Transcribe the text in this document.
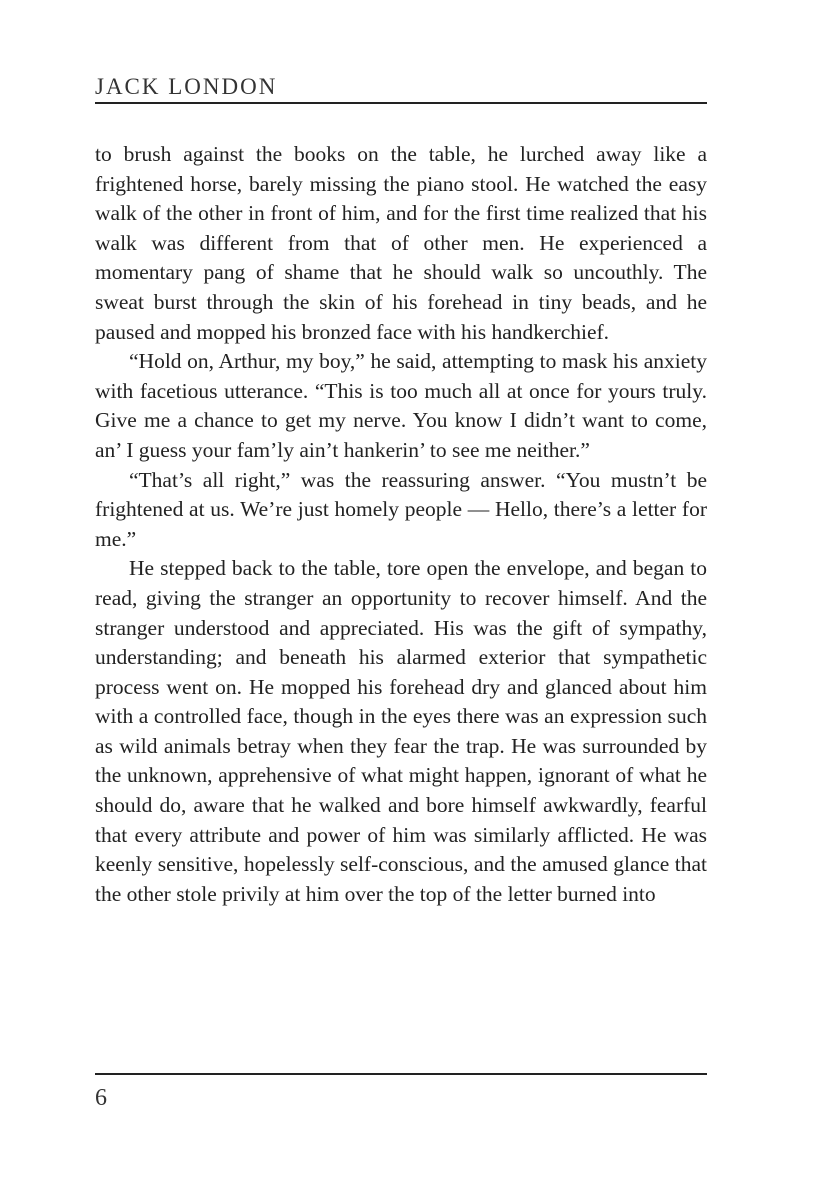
JACK LONDON

to brush against the books on the table, he lurched away like a frightened horse, barely missing the piano stool. He watched the easy walk of the other in front of him, and for the first time realized that his walk was different from that of other men. He experienced a momentary pang of shame that he should walk so uncouthly. The sweat burst through the skin of his forehead in tiny beads, and he paused and mopped his bronzed face with his handkerchief.

“Hold on, Arthur, my boy,” he said, attempting to mask his anxiety with facetious utterance. “This is too much all at once for yours truly. Give me a chance to get my nerve. You know I didn’t want to come, an’ I guess your fam’ly ain’t hankerin’ to see me neither.”

“That’s all right,” was the reassuring answer. “You mustn’t be frightened at us. We’re just homely people — Hello, there’s a letter for me.”

He stepped back to the table, tore open the envelope, and began to read, giving the stranger an opportunity to recover himself. And the stranger understood and appreciated. His was the gift of sympathy, understanding; and beneath his alarmed exterior that sympathetic process went on. He mopped his forehead dry and glanced about him with a controlled face, though in the eyes there was an expression such as wild animals betray when they fear the trap. He was surrounded by the unknown, apprehensive of what might happen, ignorant of what he should do, aware that he walked and bore himself awkwardly, fearful that every attribute and power of him was similarly afflicted. He was keenly sensitive, hopelessly self-conscious, and the amused glance that the other stole privily at him over the top of the letter burned into

6
